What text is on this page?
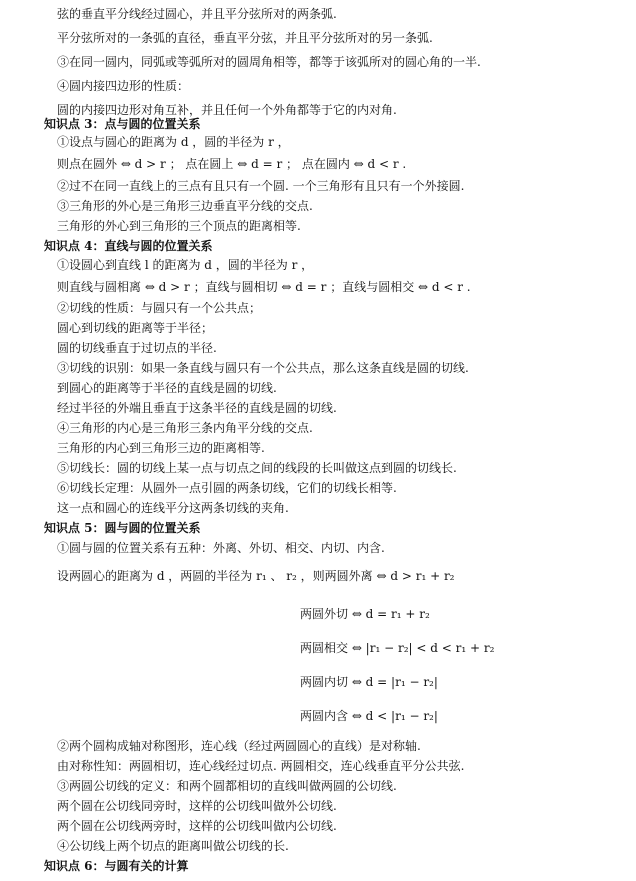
弦的垂直平分线经过圆心，并且平分弦所对的两条弧.
平分弦所对的一条弧的直径，垂直平分弦，并且平分弦所对的另一条弧.
③在同一圆内，同弧或等弧所对的圆周角相等，都等于该弧所对的圆心角的一半.
④圆内接四边形的性质：
圆的内接四边形对角互补，并且任何一个外角都等于它的内对角.
知识点 3：点与圆的位置关系
①设点与圆心的距离为 d ，圆的半径为 r ，
则点在圆外 ⇔ d > r ； 点在圆上 ⇔ d = r ； 点在圆内 ⇔ d < r .
②过不在同一直线上的三点有且只有一个圆. 一个三角形有且只有一个外接圆.
③三角形的外心是三角形三边垂直平分线的交点.
三角形的外心到三角形的三个顶点的距离相等.
知识点 4：直线与圆的位置关系
①设圆心到直线 l 的距离为 d ，圆的半径为 r ，
则直线与圆相离 ⇔ d > r ；直线与圆相切 ⇔ d = r ；直线与圆相交 ⇔ d < r .
②切线的性质：与圆只有一个公共点；
圆心到切线的距离等于半径；
圆的切线垂直于过切点的半径.
③切线的识别：如果一条直线与圆只有一个公共点，那么这条直线是圆的切线.
到圆心的距离等于半径的直线是圆的切线.
经过半径的外端且垂直于这条半径的直线是圆的切线.
④三角形的内心是三角形三条内角平分线的交点.
三角形的内心到三角形三边的距离相等.
⑤切线长：圆的切线上某一点与切点之间的线段的长叫做这点到圆的切线长.
⑥切线长定理：从圆外一点引圆的两条切线，它们的切线长相等.
这一点和圆心的连线平分这两条切线的夹角.
知识点 5：圆与圆的位置关系
①圆与圆的位置关系有五种：外离、外切、相交、内切、内含.
设两圆心的距离为 d ，两圆的半径为 r₁ 、 r₂ ，则两圆外离 ⇔ d > r₁ + r₂
两圆外切 ⇔ d = r₁ + r₂
两圆相交 ⇔ |r₁ − r₂| < d < r₁ + r₂
两圆内切 ⇔ d = |r₁ − r₂|
两圆内含 ⇔ d < |r₁ − r₂|
②两个圆构成轴对称图形，连心线（经过两圆圆心的直线）是对称轴.
由对称性知：两圆相切，连心线经过切点. 两圆相交，连心线垂直平分公共弦.
③两圆公切线的定义：和两个圆都相切的直线叫做两圆的公切线.
两个圆在公切线同旁时，这样的公切线叫做外公切线.
两个圆在公切线两旁时，这样的公切线叫做内公切线.
④公切线上两个切点的距离叫做公切线的长.
知识点 6：与圆有关的计算
